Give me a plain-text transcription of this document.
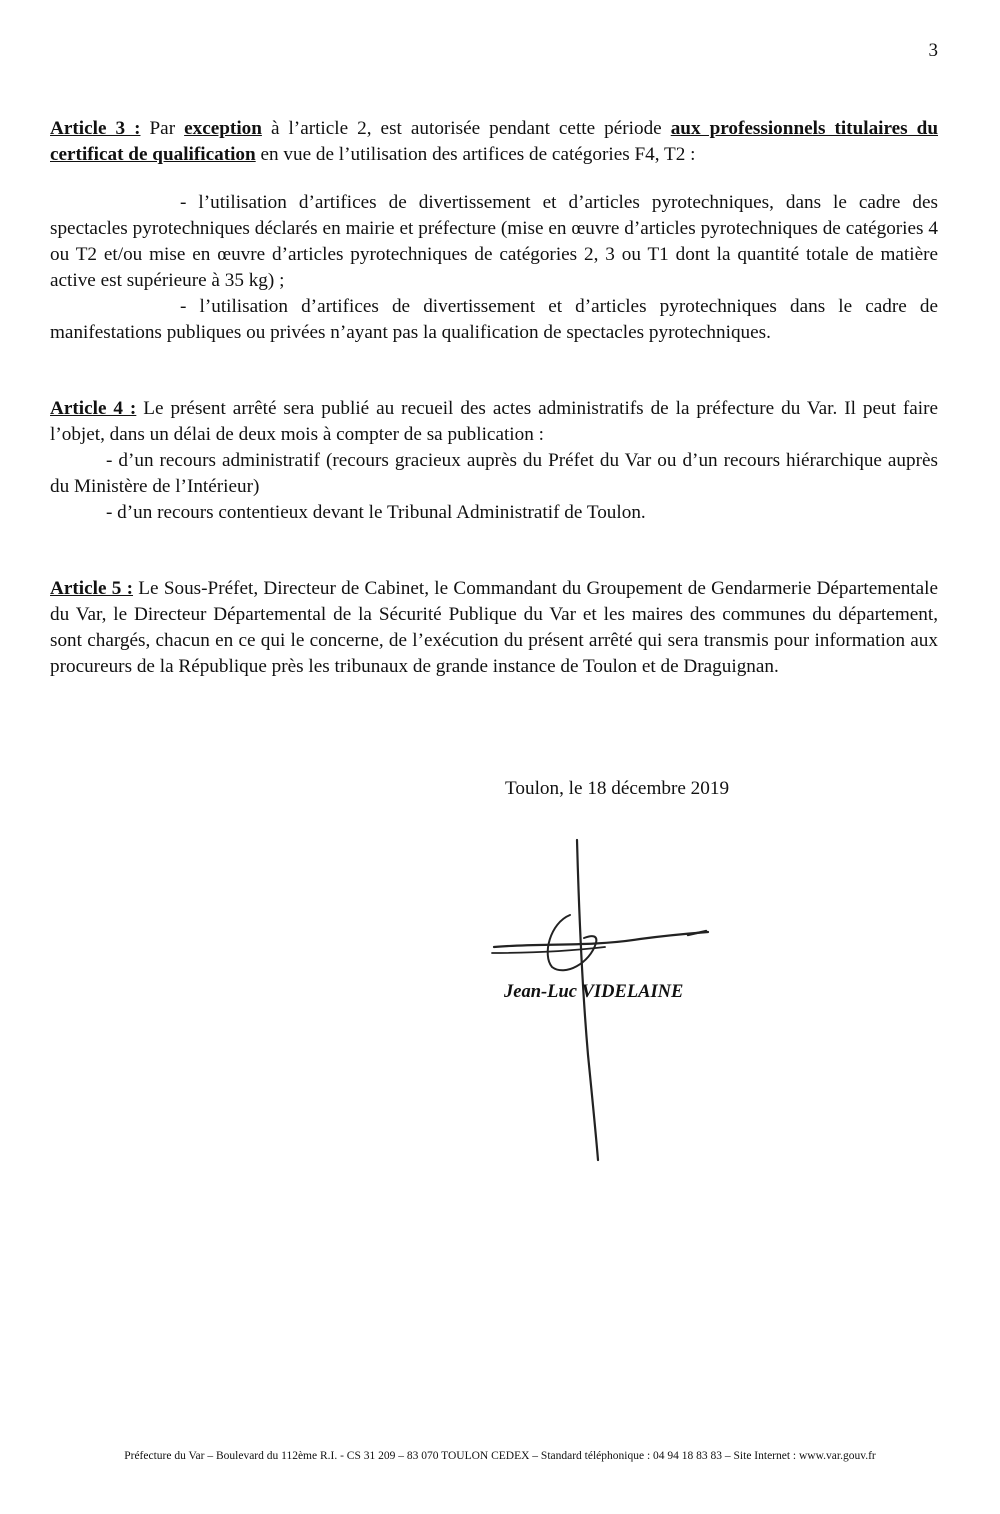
3

Article 3 : Par exception à l’article 2, est autorisée pendant cette période aux professionnels titulaires du certificat de qualification en vue de l’utilisation des artifices de catégories F4, T2 :

- l’utilisation d’artifices de divertissement et d’articles pyrotechniques, dans le cadre des spectacles pyrotechniques déclarés en mairie et préfecture (mise en œuvre d’articles pyrotechniques de catégories 4 ou T2 et/ou mise en œuvre d’articles pyrotechniques de catégories 2, 3 ou T1 dont la quantité totale de matière active est supérieure à 35 kg) ;

- l’utilisation d’artifices de divertissement et d’articles pyrotechniques dans le cadre de manifestations publiques ou privées n’ayant pas la qualification de spectacles pyrotechniques.

Article 4 : Le présent arrêté sera publié au recueil des actes administratifs de la préfecture du Var. Il peut faire l’objet, dans un délai de deux mois à compter de sa publication :

- d’un recours administratif (recours gracieux auprès du Préfet du Var ou d’un recours hiérarchique auprès du Ministère de l’Intérieur)

- d’un recours contentieux devant le Tribunal Administratif de Toulon.

Article 5 : Le Sous-Préfet, Directeur de Cabinet, le Commandant du Groupement de Gendarmerie Départementale du Var, le Directeur Départemental de la Sécurité Publique du Var et les maires des communes du département, sont chargés, chacun en ce qui le concerne, de l’exécution du présent arrêté qui sera transmis pour information aux procureurs de la République près les tribunaux de grande instance de Toulon et de Draguignan.

Toulon, le 18 décembre 2019
Jean-Luc VIDELAINE
Préfecture du Var – Boulevard du 112ème R.I. - CS 31 209 – 83 070 TOULON CEDEX – Standard téléphonique : 04 94 18 83 83 – Site Internet : www.var.gouv.fr
